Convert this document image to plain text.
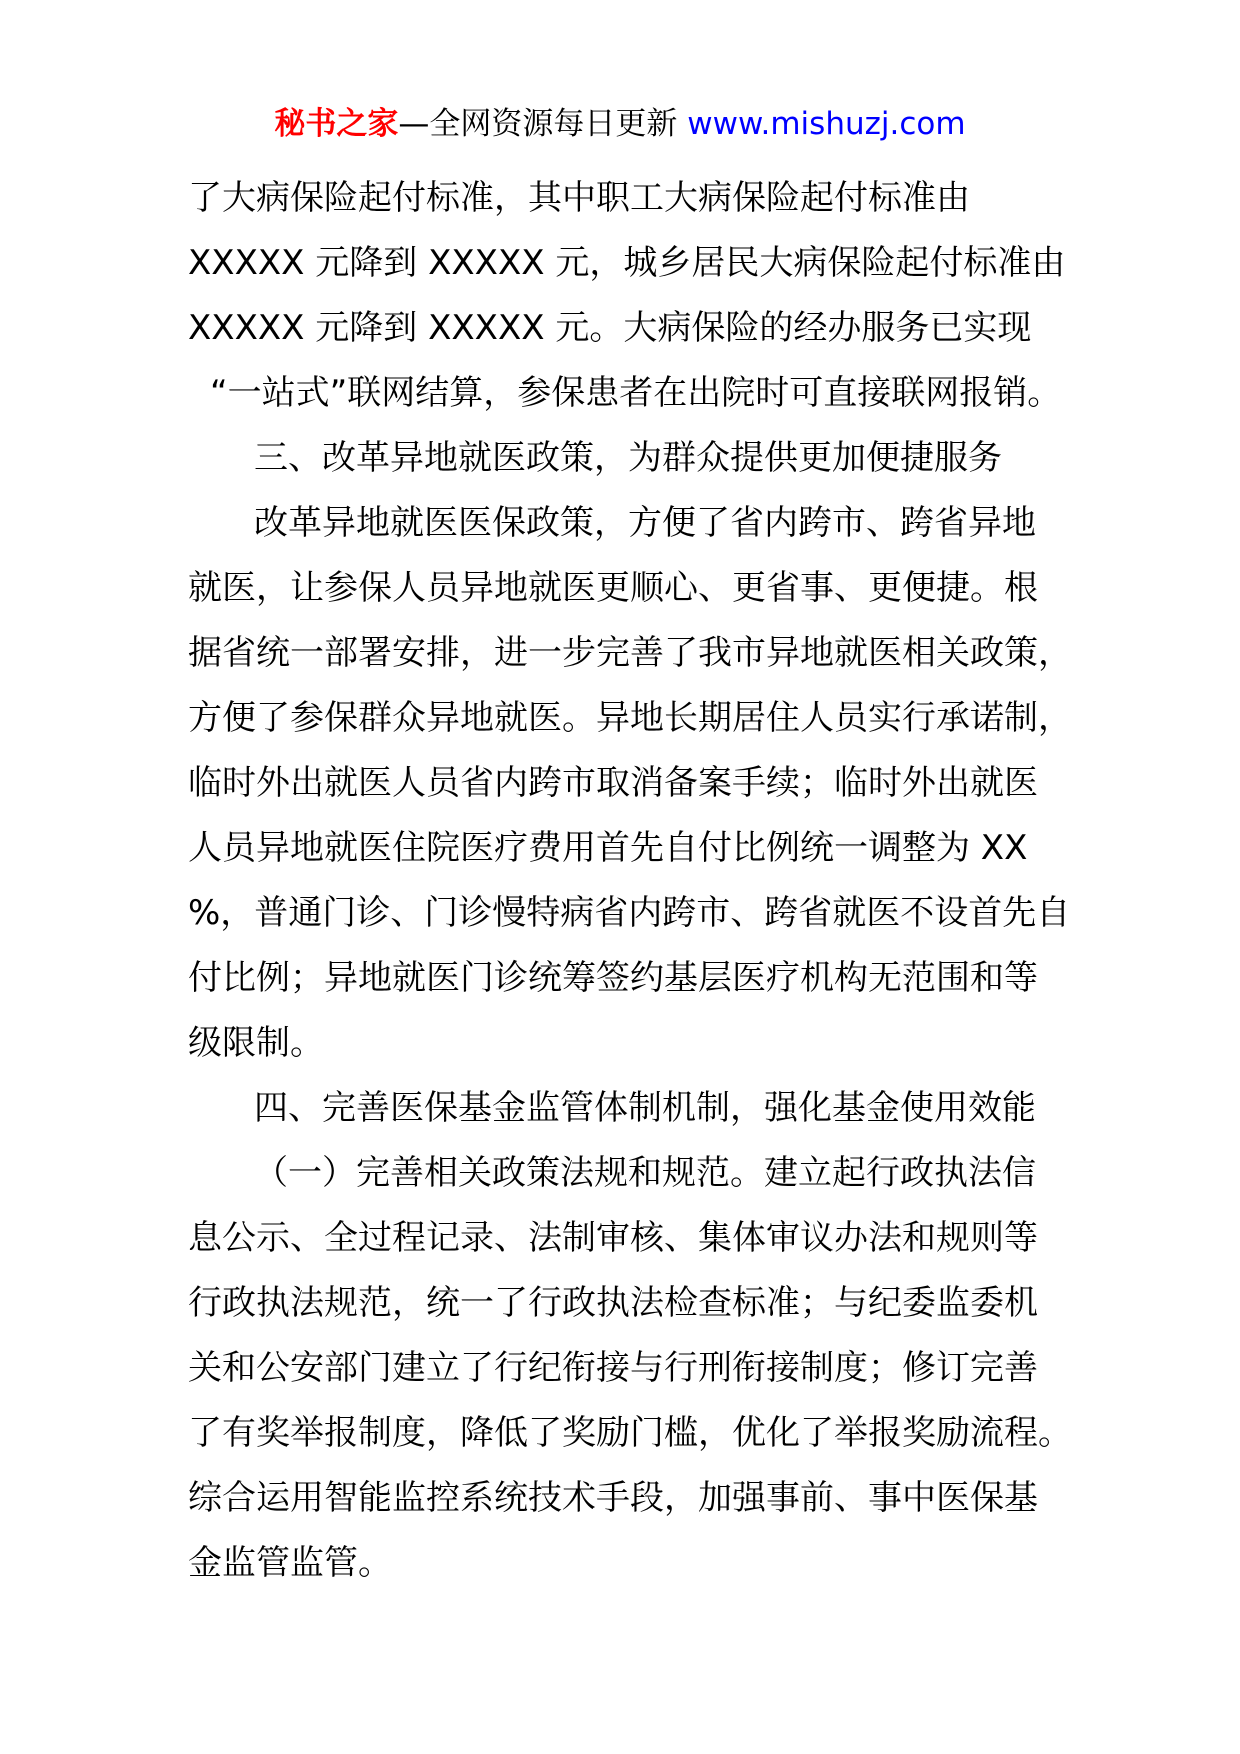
秘书之家—全网资源每日更新 www.mishuzj.com
了大病保险起付标准，其中职工大病保险起付标准由
XXXXX 元降到 XXXXX 元，城乡居民大病保险起付标准由
XXXXX 元降到 XXXXX 元。大病保险的经办服务已实现
“一站式”联网结算，参保患者在出院时可直接联网报销。
三、改革异地就医政策，为群众提供更加便捷服务
改革异地就医医保政策，方便了省内跨市、跨省异地
就医，让参保人员异地就医更顺心、更省事、更便捷。根
据省统一部署安排，进一步完善了我市异地就医相关政策，
方便了参保群众异地就医。异地长期居住人员实行承诺制，
临时外出就医人员省内跨市取消备案手续；临时外出就医
人员异地就医住院医疗费用首先自付比例统一调整为 XX
%，普通门诊、门诊慢特病省内跨市、跨省就医不设首先自
付比例；异地就医门诊统筹签约基层医疗机构无范围和等
级限制。
四、完善医保基金监管体制机制，强化基金使用效能
（一）完善相关政策法规和规范。建立起行政执法信
息公示、全过程记录、法制审核、集体审议办法和规则等
行政执法规范，统一了行政执法检查标准；与纪委监委机
关和公安部门建立了行纪衔接与行刑衔接制度；修订完善
了有奖举报制度，降低了奖励门槛，优化了举报奖励流程。
综合运用智能监控系统技术手段，加强事前、事中医保基
金监管监管。
